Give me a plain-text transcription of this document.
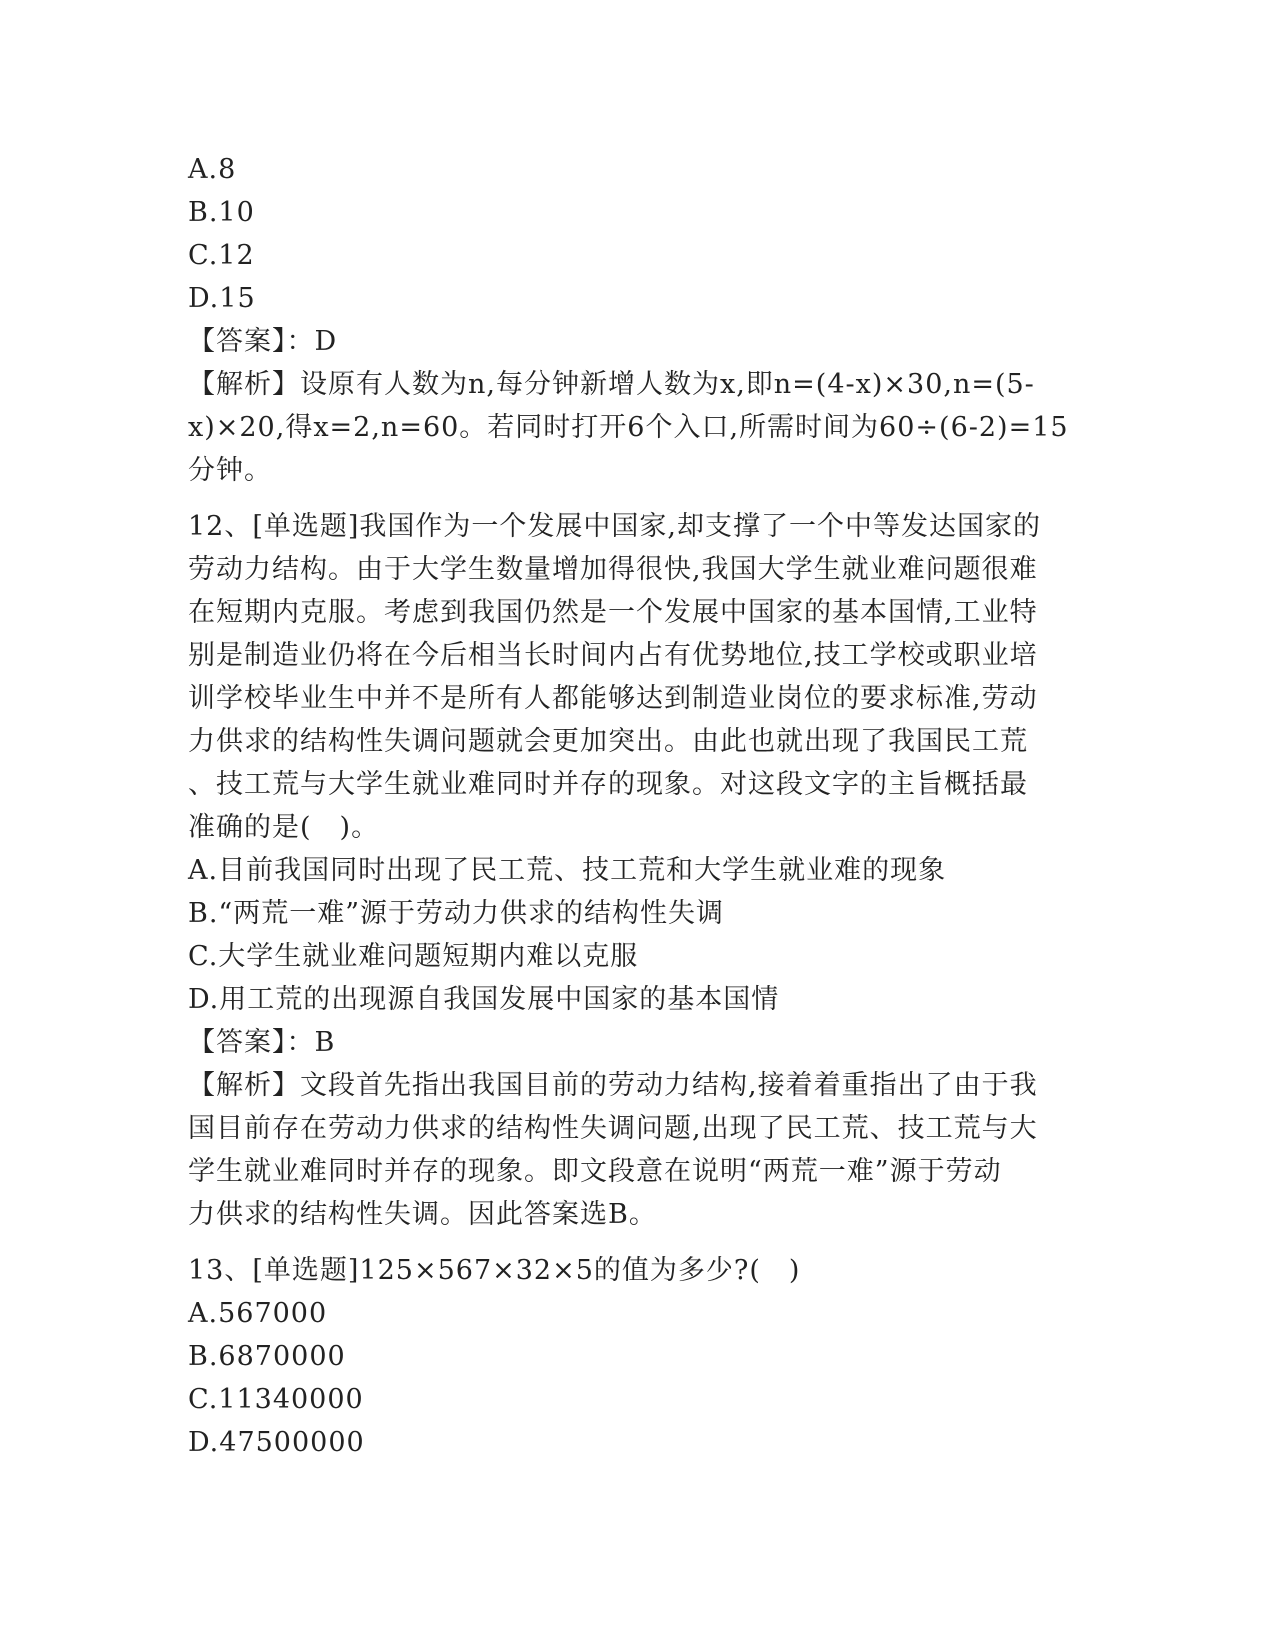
A.8
B.10
C.12
D.15
【答案】：D
【解析】设原有人数为n,每分钟新增人数为x,即n=(4-x)×30,n=(5-
x)×20,得x=2,n=60。若同时打开6个入口,所需时间为60÷(6-2)=15
分钟。
12、[单选题]我国作为一个发展中国家,却支撑了一个中等发达国家的
劳动力结构。由于大学生数量增加得很快,我国大学生就业难问题很难
在短期内克服。考虑到我国仍然是一个发展中国家的基本国情,工业特
别是制造业仍将在今后相当长时间内占有优势地位,技工学校或职业培
训学校毕业生中并不是所有人都能够达到制造业岗位的要求标准,劳动
力供求的结构性失调问题就会更加突出。由此也就出现了我国民工荒
、技工荒与大学生就业难同时并存的现象。对这段文字的主旨概括最
准确的是(　)。
A.目前我国同时出现了民工荒、技工荒和大学生就业难的现象
B.“两荒一难”源于劳动力供求的结构性失调
C.大学生就业难问题短期内难以克服
D.用工荒的出现源自我国发展中国家的基本国情
【答案】：B
【解析】文段首先指出我国目前的劳动力结构,接着着重指出了由于我
国目前存在劳动力供求的结构性失调问题,出现了民工荒、技工荒与大
学生就业难同时并存的现象。即文段意在说明“两荒一难”源于劳动
力供求的结构性失调。因此答案选B。
13、[单选题]125×567×32×5的值为多少?(　)
A.567000
B.6870000
C.11340000
D.47500000
